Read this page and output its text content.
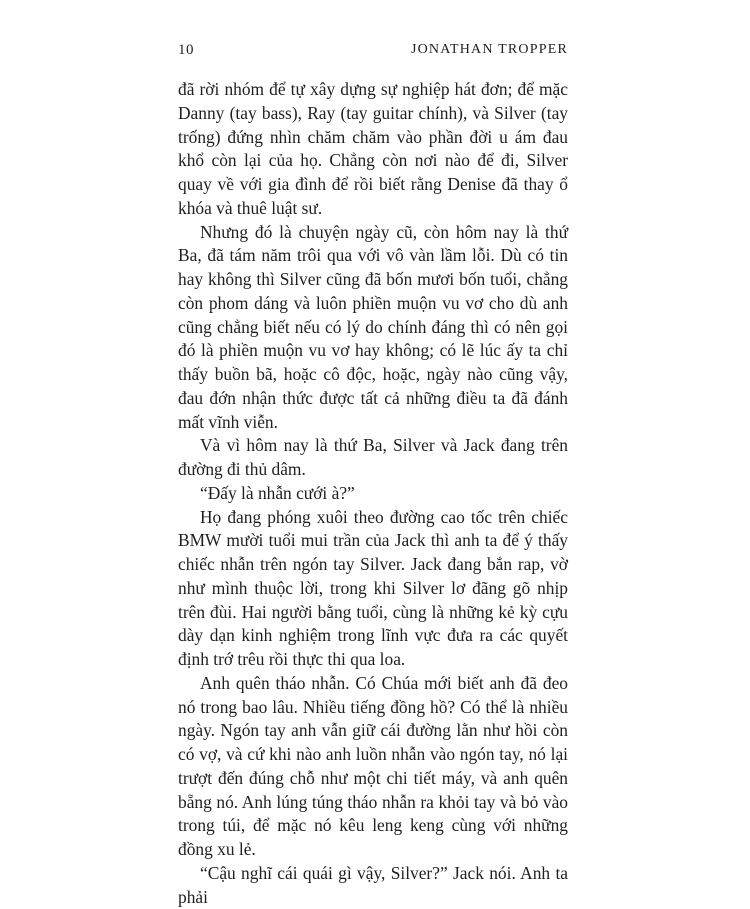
10	JONATHAN TROPPER

đã rời nhóm để tự xây dựng sự nghiệp hát đơn; để mặc Danny (tay bass), Ray (tay guitar chính), và Silver (tay trống) đứng nhìn chăm chăm vào phần đời u ám đau khổ còn lại của họ. Chẳng còn nơi nào để đi, Silver quay về với gia đình để rồi biết rằng Denise đã thay ổ khóa và thuê luật sư.

Nhưng đó là chuyện ngày cũ, còn hôm nay là thứ Ba, đã tám năm trôi qua với vô vàn lầm lỗi. Dù có tin hay không thì Silver cũng đã bốn mươi bốn tuổi, chẳng còn phom dáng và luôn phiền muộn vu vơ cho dù anh cũng chẳng biết nếu có lý do chính đáng thì có nên gọi đó là phiền muộn vu vơ hay không; có lẽ lúc ấy ta chỉ thấy buồn bã, hoặc cô độc, hoặc, ngày nào cũng vậy, đau đớn nhận thức được tất cả những điều ta đã đánh mất vĩnh viễn.

Và vì hôm nay là thứ Ba, Silver và Jack đang trên đường đi thủ dâm.

“Đấy là nhẫn cưới à?”

Họ đang phóng xuôi theo đường cao tốc trên chiếc BMW mười tuổi mui trần của Jack thì anh ta để ý thấy chiếc nhẫn trên ngón tay Silver. Jack đang bắn rap, vờ như mình thuộc lời, trong khi Silver lơ đãng gõ nhịp trên đùi. Hai người bằng tuổi, cùng là những kẻ kỳ cựu dày dạn kinh nghiệm trong lĩnh vực đưa ra các quyết định trớ trêu rồi thực thi qua loa.

Anh quên tháo nhẫn. Có Chúa mới biết anh đã đeo nó trong bao lâu. Nhiều tiếng đồng hồ? Có thể là nhiều ngày. Ngón tay anh vẫn giữ cái đường lằn như hồi còn có vợ, và cứ khi nào anh luồn nhẫn vào ngón tay, nó lại trượt đến đúng chỗ như một chi tiết máy, và anh quên bẵng nó. Anh lúng túng tháo nhẫn ra khỏi tay và bỏ vào trong túi, để mặc nó kêu leng keng cùng với những đồng xu lẻ.

“Cậu nghĩ cái quái gì vậy, Silver?” Jack nói. Anh ta phải
